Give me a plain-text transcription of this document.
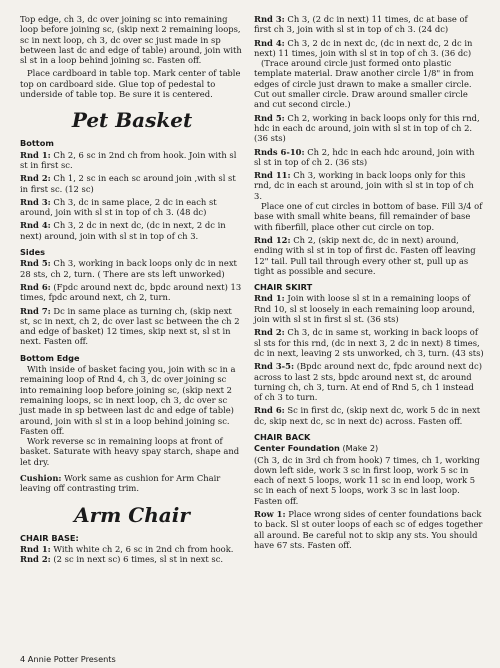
Top edge, ch 3, dc over joining sc into remaining loop before joining sc, (skip next 2 remaining loops, sc in next loop, ch 3, dc over sc just made in sp between last dc and edge of table) around, join with sl st in a loop behind joining sc. Fasten off.

Place cardboard in table top. Mark center of table top on cardboard side. Glue top of pedestal to underside of table top. Be sure it is centered.

Pet Basket
Bottom

Rnd 1: Ch 2, 6 sc in 2nd ch from hook. Join with sl st in first sc.

Rnd 2: Ch 1, 2 sc in each sc around join ,with sl st in first sc. (12 sc)

Rnd 3: Ch 3, dc in same place, 2 dc in each st around, join with sl st in top of ch 3. (48 dc)

Rnd 4: Ch 3, 2 dc in next dc, (dc in next, 2 dc in next) around, join with sl st in top of ch 3.

Sides

Rnd 5: Ch 3, working in back loops only dc in next 28 sts, ch 2, turn. ( There are sts left unworked)

Rnd 6: (Fpdc around next dc, bpdc around next) 13 times, fpdc around next, ch 2, turn.

Rnd 7: Dc in same place as turning ch, (skip next st, sc in next, ch 2, dc over last sc between the ch 2 and edge of basket) 12 times, skip next st, sl st in next. Fasten off.

Bottom Edge

With inside of basket facing you, join with sc in a remaining loop of Rnd 4, ch 3, dc over joining sc into remaining loop before joining sc, (skip next 2 remaining loops, sc in next loop, ch 3, dc over sc just made in sp between last dc and edge of table) around, join with sl st in a loop behind joining sc. Fasten off.

Work reverse sc in remaining loops at front of basket. Saturate with heavy spay starch, shape and let dry.

Cushion: Work same as cushion for Arm Chair leaving off contrasting trim.

Arm Chair
CHAIR BASE:

Rnd 1: With white ch 2, 6 sc in 2nd ch from hook.

Rnd 2: (2 sc in next sc) 6 times, sl st in next sc.

Rnd 3: Ch 3, (2 dc in next) 11 times, dc at base of first ch 3, join with sl st in top of ch 3. (24 dc)

Rnd 4: Ch 3, 2 dc in next dc, (dc in next dc, 2 dc in next) 11 times, join with sl st in top of ch 3. (36 dc)

(Trace around circle just formed onto plastic template material. Draw another circle 1/8" in from edges of circle just drawn to make a smaller circle. Cut out smaller circle. Draw around smaller circle and cut second circle.)

Rnd 5: Ch 2, working in back loops only for this rnd, hdc in each dc around, join with sl st in top of ch 2. (36 sts)

Rnds 6-10: Ch 2, hdc in each hdc around, join with sl st in top of ch 2. (36 sts)

Rnd 11: Ch 3, working in back loops only for this rnd, dc in each st around, join with sl st in top of ch 3.

Place one of cut circles in bottom of base. Fill 3/4 of base with small white beans, fill remainder of base with fiberfill, place other cut circle on top.

Rnd 12: Ch 2, (skip next dc, dc in next) around, ending with sl st in top of first dc. Fasten off leaving 12" tail. Pull tail through every other st, pull up as tight as possible and secure.

CHAIR SKIRT

Rnd 1: Join with loose sl st in a remaining loops of Rnd 10, sl st loosely in each remaining loop around, join with sl st in first sl st. (36 sts)

Rnd 2: Ch 3, dc in same st, working in back loops of sl sts for this rnd, (dc in next 3, 2 dc in next) 8 times, dc in next, leaving 2 sts unworked, ch 3, turn. (43 sts)

Rnd 3-5: (Bpdc around next dc, fpdc around next dc) across to last 2 sts, bpdc around next st, dc around turning ch, ch 3, turn. At end of Rnd 5, ch 1 instead of ch 3 to turn.

Rnd 6: Sc in first dc, (skip next dc, work 5 dc in next dc, skip next dc, sc in next dc) across. Fasten off.

CHAIR BACK
Center Foundation (Make 2)

(Ch 3, dc in 3rd ch from hook) 7 times, ch 1, working down left side, work 3 sc in first loop, work 5 sc in each of next 5 loops, work 11 sc in end loop, work 5 sc in each of next 5 loops, work 3 sc in last loop. Fasten off.

Row 1: Place wrong sides of center foundations back to back. Sl st outer loops of each sc of edges together all around. Be careful not to skip any sts. You should have 67 sts. Fasten off.

4 Annie Potter Presents
